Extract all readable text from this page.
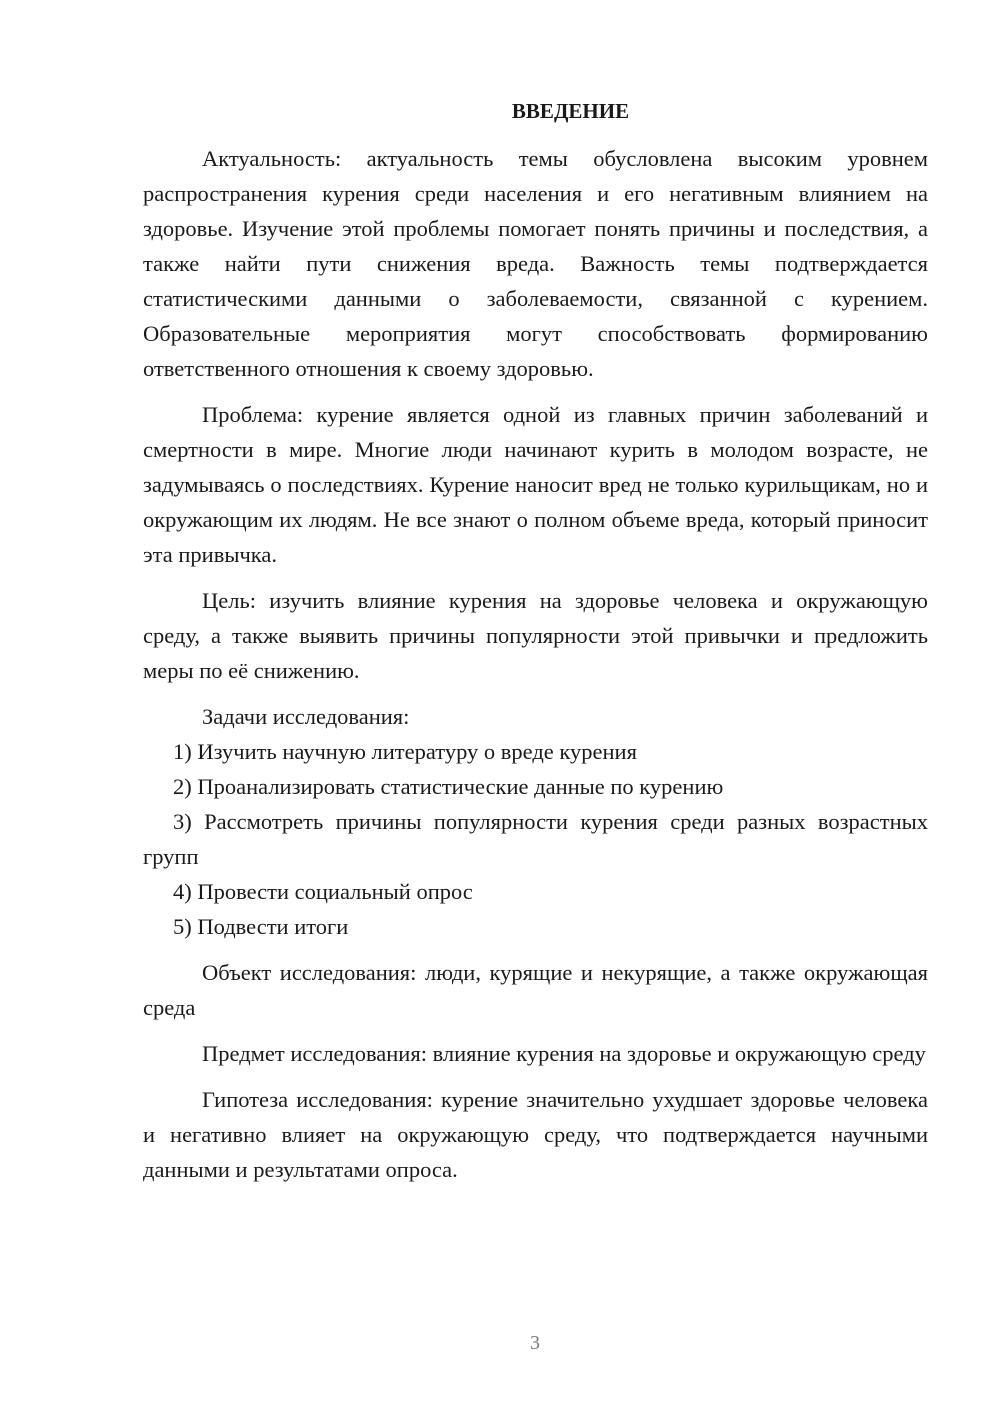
ВВЕДЕНИЕ

Актуальность: актуальность темы обусловлена высоким уровнем распространения курения среди населения и его негативным влиянием на здоровье. Изучение этой проблемы помогает понять причины и последствия, а также найти пути снижения вреда. Важность темы подтверждается статистическими данными о заболеваемости, связанной с курением. Образовательные мероприятия могут способствовать формированию ответственного отношения к своему здоровью.

Проблема: курение является одной из главных причин заболеваний и смертности в мире. Многие люди начинают курить в молодом возрасте, не задумываясь о последствиях. Курение наносит вред не только курильщикам, но и окружающим их людям. Не все знают о полном объеме вреда, который приносит эта привычка.

Цель: изучить влияние курения на здоровье человека и окружающую среду, а также выявить причины популярности этой привычки и предложить меры по её снижению.

Задачи исследования:

1) Изучить научную литературу о вреде курения

2) Проанализировать статистические данные по курению

3) Рассмотреть причины популярности курения среди разных возрастных групп

4) Провести социальный опрос

5) Подвести итоги

Объект исследования: люди, курящие и некурящие, а также окружающая среда

Предмет исследования: влияние курения на здоровье и окружающую среду

Гипотеза исследования: курение значительно ухудшает здоровье человека и негативно влияет на окружающую среду, что подтверждается научными данными и результатами опроса.

3
